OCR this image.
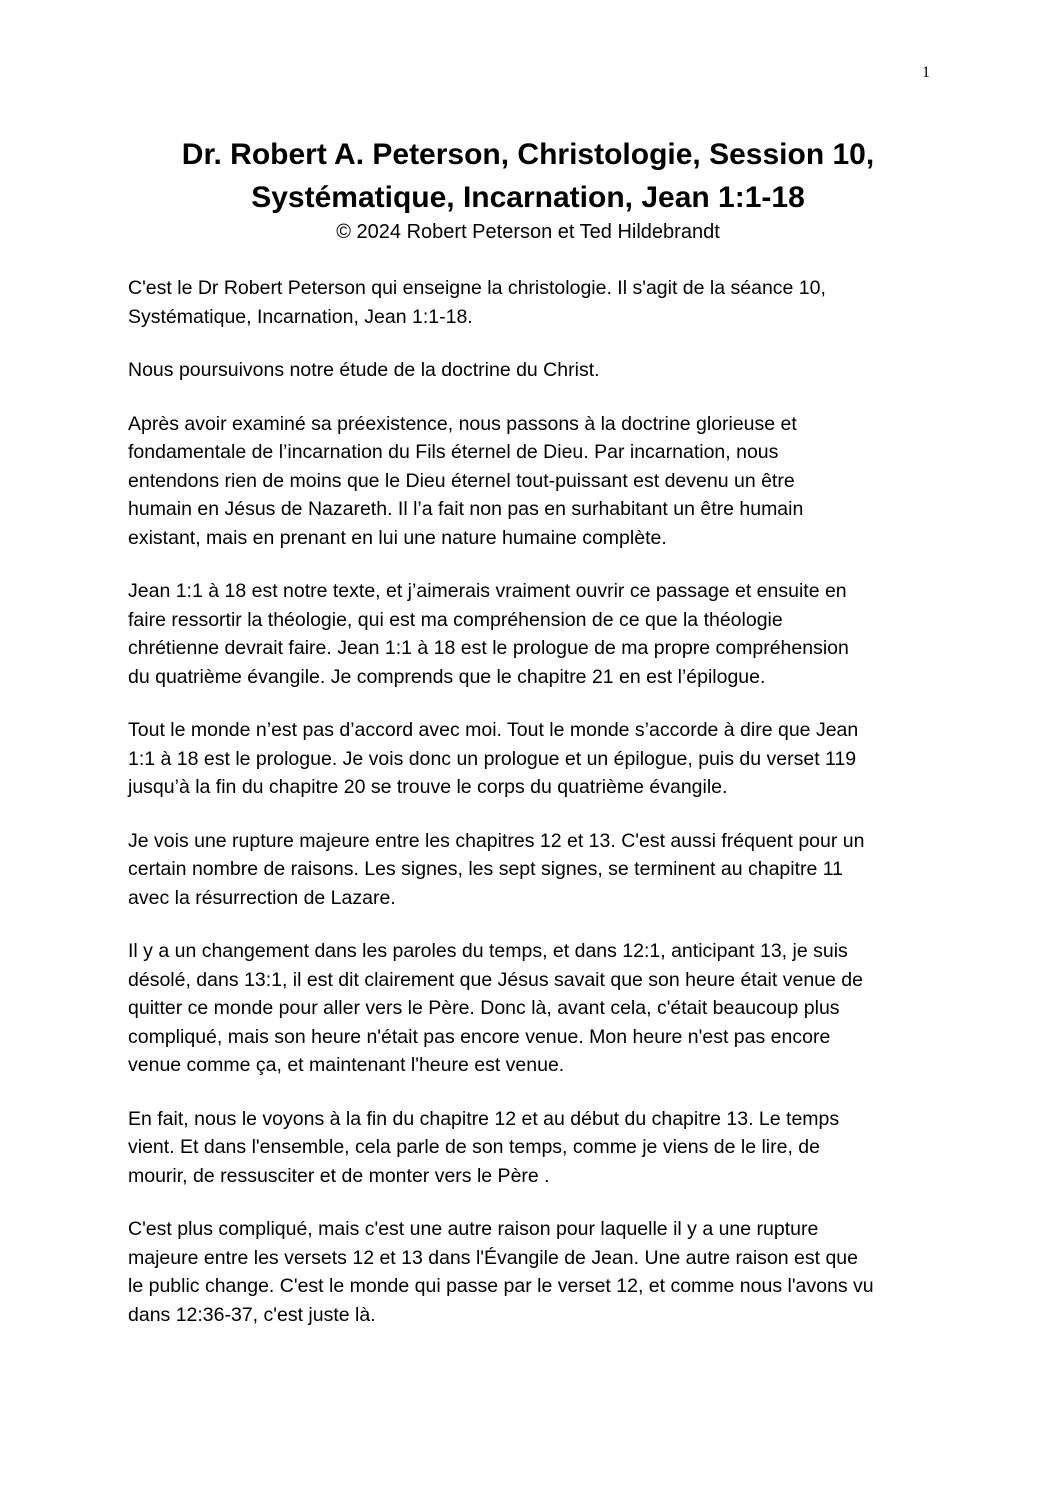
1
Dr. Robert A. Peterson, Christologie, Session 10,
Systématique, Incarnation, Jean 1:1-18
© 2024 Robert Peterson et Ted Hildebrandt

C'est le Dr Robert Peterson qui enseigne la christologie. Il s'agit de la séance 10,
Systématique, Incarnation, Jean 1:1-18.

Nous poursuivons notre étude de la doctrine du Christ.

Après avoir examiné sa préexistence, nous passons à la doctrine glorieuse et
fondamentale de l’incarnation du Fils éternel de Dieu. Par incarnation, nous
entendons rien de moins que le Dieu éternel tout-puissant est devenu un être
humain en Jésus de Nazareth. Il l’a fait non pas en surhabitant un être humain
existant, mais en prenant en lui une nature humaine complète.

Jean 1:1 à 18 est notre texte, et j’aimerais vraiment ouvrir ce passage et ensuite en
faire ressortir la théologie, qui est ma compréhension de ce que la théologie
chrétienne devrait faire. Jean 1:1 à 18 est le prologue de ma propre compréhension
du quatrième évangile. Je comprends que le chapitre 21 en est l’épilogue.

Tout le monde n’est pas d’accord avec moi. Tout le monde s’accorde à dire que Jean
1:1 à 18 est le prologue. Je vois donc un prologue et un épilogue, puis du verset 119
jusqu’à la fin du chapitre 20 se trouve le corps du quatrième évangile.

Je vois une rupture majeure entre les chapitres 12 et 13. C'est aussi fréquent pour un
certain nombre de raisons. Les signes, les sept signes, se terminent au chapitre 11
avec la résurrection de Lazare.

Il y a un changement dans les paroles du temps, et dans 12:1, anticipant 13, je suis
désolé, dans 13:1, il est dit clairement que Jésus savait que son heure était venue de
quitter ce monde pour aller vers le Père. Donc là, avant cela, c'était beaucoup plus
compliqué, mais son heure n'était pas encore venue. Mon heure n'est pas encore
venue comme ça, et maintenant l'heure est venue.

En fait, nous le voyons à la fin du chapitre 12 et au début du chapitre 13. Le temps
vient. Et dans l'ensemble, cela parle de son temps, comme je viens de le lire, de
mourir, de ressusciter et de monter vers le Père .

C'est plus compliqué, mais c'est une autre raison pour laquelle il y a une rupture
majeure entre les versets 12 et 13 dans l'Évangile de Jean. Une autre raison est que
le public change. C'est le monde qui passe par le verset 12, et comme nous l'avons vu
dans 12:36-37, c'est juste là.
